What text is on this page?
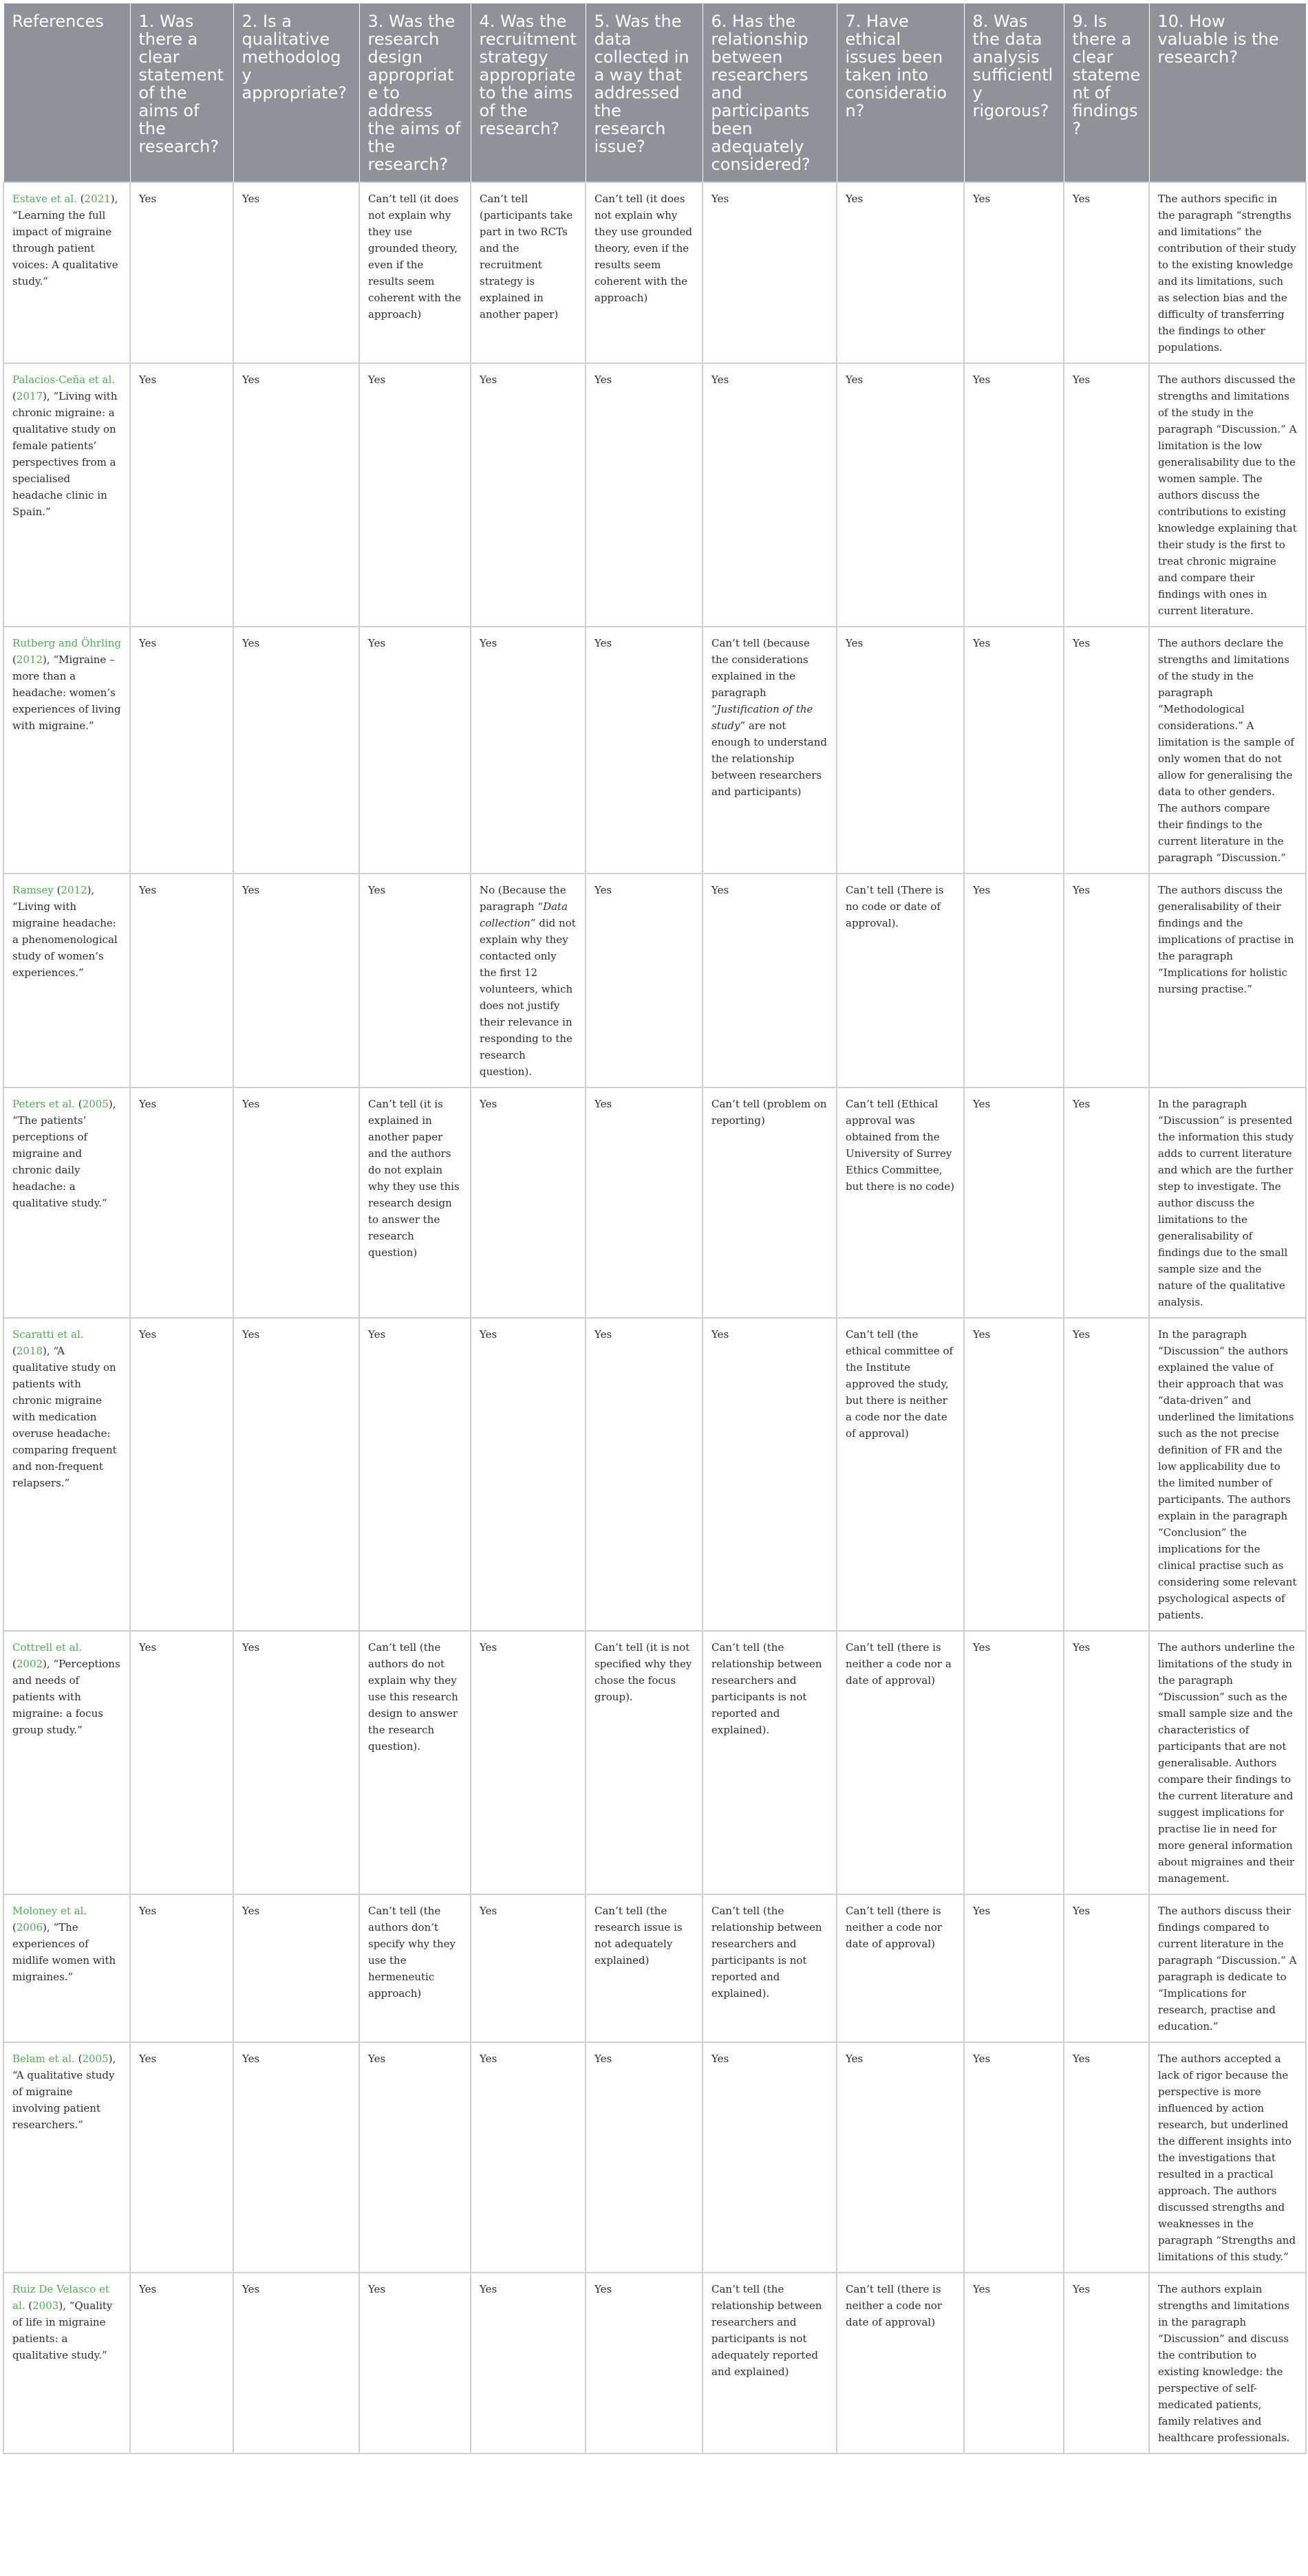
References	1. Was there a clear statement of the aims of the research?	2. Is a qualitative methodology appropriate?	3. Was the research design appropriate to address the aims of the research?	4. Was the recruitment strategy appropriate to the aims of the research?	5. Was the data collected in a way that addressed the research issue?	6. Has the relationship between researchers and participants been adequately considered?	7. Have ethical issues been taken into consideration?	8. Was the data analysis sufficiently rigorous?	9. Is there a clear statement of findings?	10. How valuable is the research?
Estave et al. (2021), “Learning the full impact of migraine through patient voices: A qualitative study.”	Yes	Yes	Can’t tell (it does not explain why they use grounded theory, even if the results seem coherent with the approach)	Can’t tell (participants take part in two RCTs and the recruitment strategy is explained in another paper)	Can’t tell (it does not explain why they use grounded theory, even if the results seem coherent with the approach)	Yes	Yes	Yes	Yes	The authors specific in the paragraph “strengths and limitations” the contribution of their study to the existing knowledge and its limitations, such as selection bias and the difficulty of transferring the findings to other populations.
Palacios-Ceña et al. (2017), “Living with chronic migraine: a qualitative study on female patients’ perspectives from a specialised headache clinic in Spain.”	Yes	Yes	Yes	Yes	Yes	Yes	Yes	Yes	Yes	The authors discussed the strengths and limitations of the study in the paragraph “Discussion.” A limitation is the low generalisability due to the women sample. The authors discuss the contributions to existing knowledge explaining that their study is the first to treat chronic migraine and compare their findings with ones in current literature.
Rutberg and Öhrling (2012), “Migraine – more than a headache: women’s experiences of living with migraine.”	Yes	Yes	Yes	Yes	Yes	Can’t tell (because the considerations explained in the paragraph “Justification of the study” are not enough to understand the relationship between researchers and participants)	Yes	Yes	Yes	The authors declare the strengths and limitations of the study in the paragraph “Methodological considerations.” A limitation is the sample of only women that do not allow for generalising the data to other genders. The authors compare their findings to the current literature in the paragraph “Discussion.”
Ramsey (2012), “Living with migraine headache: a phenomenological study of women’s experiences.”	Yes	Yes	Yes	No (Because the paragraph “Data collection” did not explain why they contacted only the first 12 volunteers, which does not justify their relevance in responding to the research question).	Yes	Yes	Can’t tell (There is no code or date of approval).	Yes	Yes	The authors discuss the generalisability of their findings and the implications of practise in the paragraph “Implications for holistic nursing practise.”
Peters et al. (2005), “The patients’ perceptions of migraine and chronic daily headache: a qualitative study.”	Yes	Yes	Can’t tell (it is explained in another paper and the authors do not explain why they use this research design to answer the research question)	Yes	Yes	Can’t tell (problem on reporting)	Can’t tell (Ethical approval was obtained from the University of Surrey Ethics Committee, but there is no code)	Yes	Yes	In the paragraph “Discussion” is presented the information this study adds to current literature and which are the further step to investigate. The author discuss the limitations to the generalisability of findings due to the small sample size and the nature of the qualitative analysis.
Scaratti et al. (2018), “A qualitative study on patients with chronic migraine with medication overuse headache: comparing frequent and non-frequent relapsers.”	Yes	Yes	Yes	Yes	Yes	Yes	Can’t tell (the ethical committee of the Institute approved the study, but there is neither a code nor the date of approval)	Yes	Yes	In the paragraph “Discussion” the authors explained the value of their approach that was “data-driven” and underlined the limitations such as the not precise definition of FR and the low applicability due to the limited number of participants. The authors explain in the paragraph “Conclusion” the implications for the clinical practise such as considering some relevant psychological aspects of patients.
Cottrell et al. (2002), “Perceptions and needs of patients with migraine: a focus group study.”	Yes	Yes	Can’t tell (the authors do not explain why they use this research design to answer the research question).	Yes	Can’t tell (it is not specified why they chose the focus group).	Can’t tell (the relationship between researchers and participants is not reported and explained).	Can’t tell (there is neither a code nor a date of approval)	Yes	Yes	The authors underline the limitations of the study in the paragraph “Discussion” such as the small sample size and the characteristics of participants that are not generalisable. Authors compare their findings to the current literature and suggest implications for practise lie in need for more general information about migraines and their management.
Moloney et al. (2006), “The experiences of midlife women with migraines.”	Yes	Yes	Can’t tell (the authors don’t specify why they use the hermeneutic approach)	Yes	Can’t tell (the research issue is not adequately explained)	Can’t tell (the relationship between researchers and participants is not reported and explained).	Can’t tell (there is neither a code nor date of approval)	Yes	Yes	The authors discuss their findings compared to current literature in the paragraph “Discussion.” A paragraph is dedicate to “Implications for research, practise and education.”
Belam et al. (2005), “A qualitative study of migraine involving patient researchers.”	Yes	Yes	Yes	Yes	Yes	Yes	Yes	Yes	Yes	The authors accepted a lack of rigor because the perspective is more influenced by action research, but underlined the different insights into the investigations that resulted in a practical approach. The authors discussed strengths and weaknesses in the paragraph “Strengths and limitations of this study.”
Ruiz De Velasco et al. (2003), “Quality of life in migraine patients: a qualitative study.”	Yes	Yes	Yes	Yes	Yes	Can’t tell (the relationship between researchers and participants is not adequately reported and explained)	Can’t tell (there is neither a code nor date of approval)	Yes	Yes	The authors explain strengths and limitations in the paragraph “Discussion” and discuss the contribution to existing knowledge: the perspective of self-medicated patients, family relatives and healthcare professionals.
